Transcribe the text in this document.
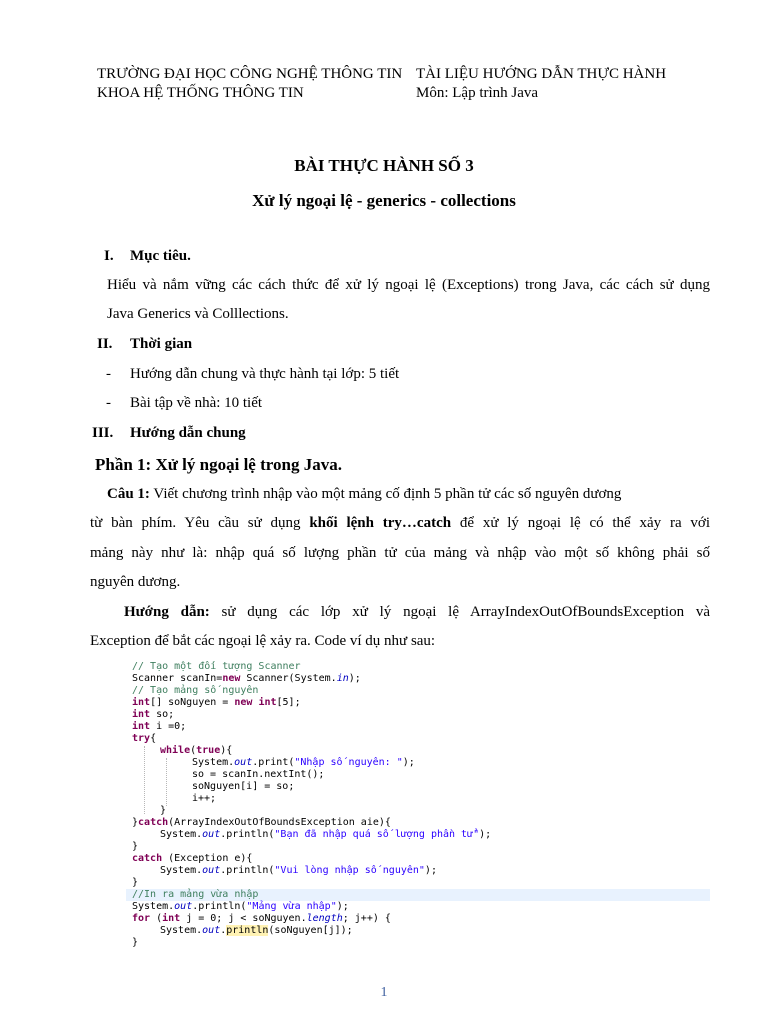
TRƯỜNG ĐẠI HỌC CÔNG NGHỆ THÔNG TIN
KHOA HỆ THỐNG THÔNG TIN
TÀI LIỆU HƯỚNG DẪN THỰC HÀNH
Môn: Lập trình Java
BÀI THỰC HÀNH SỐ 3
Xử lý ngoại lệ - generics - collections
I. Mục tiêu.
Hiểu và nắm vững các cách thức để xử lý ngoại lệ (Exceptions) trong Java, các cách sử dụng
Java Generics và Colllections.
II. Thời gian
- Hướng dẫn chung và thực hành tại lớp: 5 tiết
- Bài tập về nhà: 10 tiết
III. Hướng dẫn chung
Phần 1: Xử lý ngoại lệ trong Java.
Câu 1: Viết chương trình nhập vào một mảng cố định 5 phần tử các số nguyên dương
từ bàn phím. Yêu cầu sử dụng khối lệnh try…catch để xử lý ngoại lệ có thể xảy ra với
mảng này như là: nhập quá số lượng phần tử của mảng và nhập vào một số không phải số
nguyên dương.
Hướng dẫn: sử dụng các lớp xử lý ngoại lệ ArrayIndexOutOfBoundsException và
Exception để bắt các ngoại lệ xảy ra. Code ví dụ như sau:
// Tạo một đối tượng Scanner
Scanner scanIn=new Scanner(System.in);
// Tạo mảng số nguyên
int[] soNguyen = new int[5];
int so;
int i =0;
try{
while(true){
System.out.print("Nhập số nguyên: ");
so = scanIn.nextInt();
soNguyen[i] = so;
i++;
}
}catch(ArrayIndexOutOfBoundsException aie){
System.out.println("Bạn đã nhập quá số lượng phần tử");
}
catch (Exception e){
System.out.println("Vui lòng nhập số nguyên");
}
//In ra mảng vừa nhập
System.out.println("Mảng vừa nhập");
for (int j = 0; j < soNguyen.length; j++) {
System.out.println(soNguyen[j]);
}
1
